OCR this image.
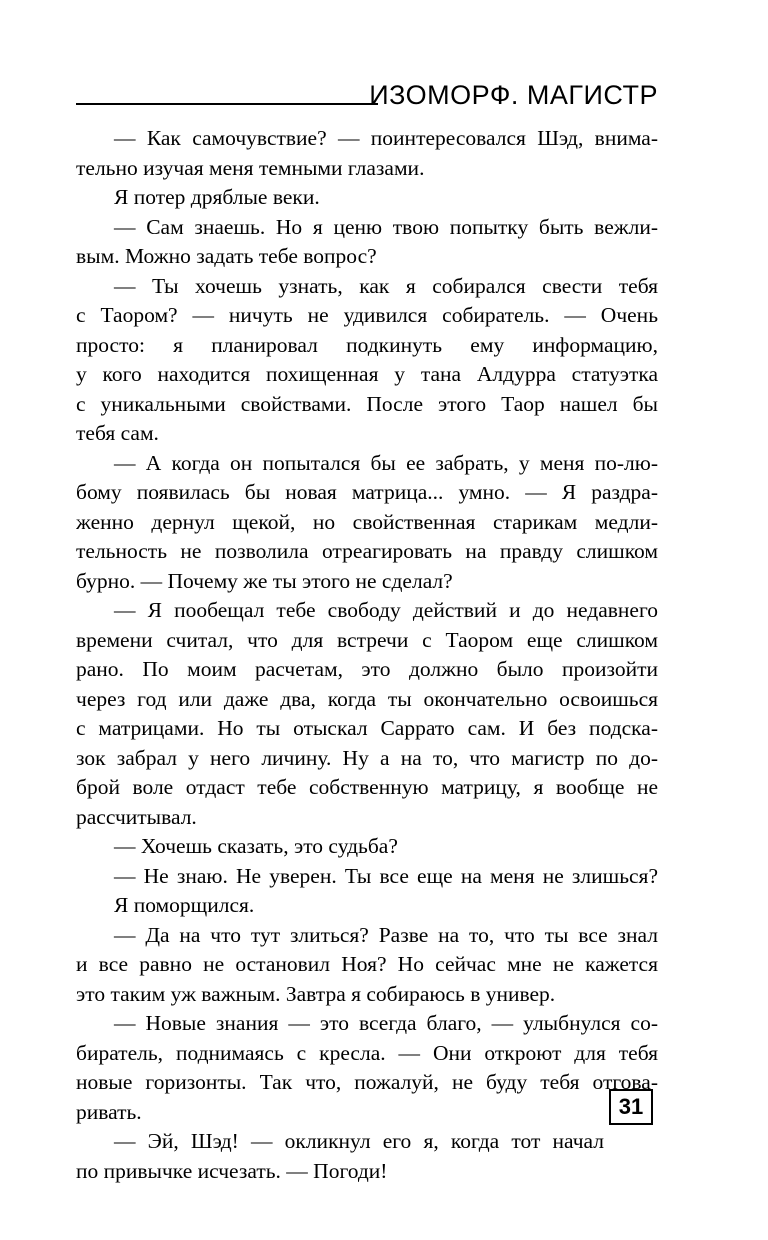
ИЗОМОРФ. МАГИСТР
— Как самочувствие? — поинтересовался Шэд, внима-
тельно изучая меня темными глазами.
Я потер дряблые веки.
— Сам знаешь. Но я ценю твою попытку быть вежли-
вым. Можно задать тебе вопрос?
— Ты хочешь узнать, как я собирался свести тебя
с Таором? — ничуть не удивился собиратель. — Очень
просто: я планировал подкинуть ему информацию,
у кого находится похищенная у тана Алдурра статуэтка
с уникальными свойствами. После этого Таор нашел бы
тебя сам.
— А когда он попытался бы ее забрать, у меня по-лю-
бому появилась бы новая матрица... умно. — Я раздра-
женно дернул щекой, но свойственная старикам медли-
тельность не позволила отреагировать на правду слишком
бурно. — Почему же ты этого не сделал?
— Я пообещал тебе свободу действий и до недавнего
времени считал, что для встречи с Таором еще слишком
рано. По моим расчетам, это должно было произойти
через год или даже два, когда ты окончательно освоишься
с матрицами. Но ты отыскал Саррато сам. И без подска-
зок забрал у него личину. Ну а на то, что магистр по до-
брой воле отдаст тебе собственную матрицу, я вообще не
рассчитывал.
— Хочешь сказать, это судьба?
— Не знаю. Не уверен. Ты все еще на меня не злишься?
Я поморщился.
— Да на что тут злиться? Разве на то, что ты все знал
и все равно не остановил Ноя? Но сейчас мне не кажется
это таким уж важным. Завтра я собираюсь в универ.
— Новые знания — это всегда благо, — улыбнулся со-
биратель, поднимаясь с кресла. — Они откроют для тебя
новые горизонты. Так что, пожалуй, не буду тебя отгова-
ривать.
— Эй, Шэд! — окликнул его я, когда тот начал
по привычке исчезать. — Погоди!
31
